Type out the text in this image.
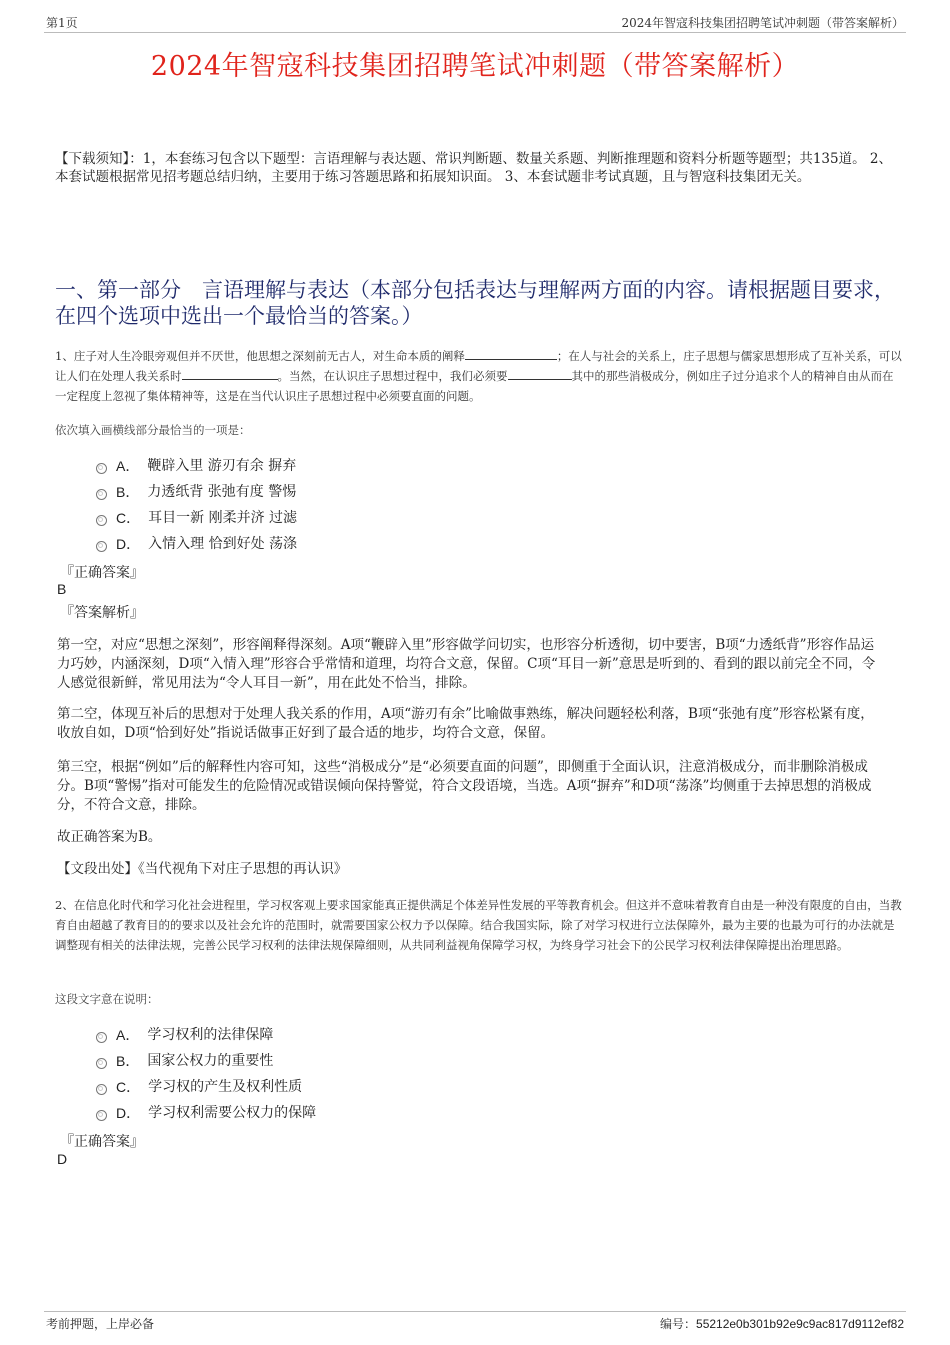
第1页	2024年智寇科技集团招聘笔试冲刺题（带答案解析）
2024年智寇科技集团招聘笔试冲刺题（带答案解析）
【下载须知】：1，本套练习包含以下题型：言语理解与表达题、常识判断题、数量关系题、判断推理题和资料分析题等题型；共135道。 2、本套试题根据常见招考题总结归纳，主要用于练习答题思路和拓展知识面。 3、本套试题非考试真题，且与智寇科技集团无关。
一、第一部分　言语理解与表达（本部分包括表达与理解两方面的内容。请根据题目要求，在四个选项中选出一个最恰当的答案。）
1、庄子对人生冷眼旁观但并不厌世，他思想之深刻前无古人，对生命本质的阐释	；在人与社会的关系上，庄子思想与儒家思想形成了互补关系，可以让人们在处理人我关系时	。当然，在认识庄子思想过程中，我们必须要	其中的那些消极成分，例如庄子过分追求个人的精神自由从而在一定程度上忽视了集体精神等，这是在当代认识庄子思想过程中必须要直面的问题。
依次填入画横线部分最恰当的一项是：
A． 鞭辟入里 游刃有余 摒弃
B． 力透纸背 张弛有度 警惕
C． 耳目一新 刚柔并济 过滤
D． 入情入理 恰到好处 荡涤
『正确答案』
B
『答案解析』
第一空，对应“思想之深刻”，形容阐释得深刻。A项“鞭辟入里”形容做学问切实，也形容分析透彻，切中要害，B项“力透纸背”形容作品运力巧妙，内涵深刻，D项“入情入理”形容合乎常情和道理，均符合文意，保留。C项“耳目一新”意思是听到的、看到的跟以前完全不同，令人感觉很新鲜，常见用法为“令人耳目一新”，用在此处不恰当，排除。
第二空，体现互补后的思想对于处理人我关系的作用，A项“游刃有余”比喻做事熟练，解决问题轻松利落，B项“张弛有度”形容松紧有度，收放自如，D项“恰到好处”指说话做事正好到了最合适的地步，均符合文意，保留。
第三空，根据“例如”后的解释性内容可知，这些“消极成分”是“必须要直面的问题”，即侧重于全面认识，注意消极成分，而非删除消极成分。B项“警惕”指对可能发生的危险情况或错误倾向保持警觉，符合文段语境，当选。A项“摒弃”和D项“荡涤”均侧重于去掉思想的消极成分，不符合文意，排除。
故正确答案为B。
【文段出处】《当代视角下对庄子思想的再认识》
2、在信息化时代和学习化社会进程里，学习权客观上要求国家能真正提供满足个体差异性发展的平等教育机会。但这并不意味着教育自由是一种没有限度的自由，当教育自由超越了教育目的的要求以及社会允许的范围时，就需要国家公权力予以保障。结合我国实际，除了对学习权进行立法保障外，最为主要的也最为可行的办法就是调整现有相关的法律法规，完善公民学习权利的法律法规保障细则，从共同利益视角保障学习权，为终身学习社会下的公民学习权利法律保障提出治理思路。
这段文字意在说明：
A． 学习权利的法律保障
B． 国家公权力的重要性
C． 学习权的产生及权利性质
D． 学习权利需要公权力的保障
『正确答案』
D
考前押题，上岸必备	编号：55212e0b301b92e9c9ac817d9112ef82
